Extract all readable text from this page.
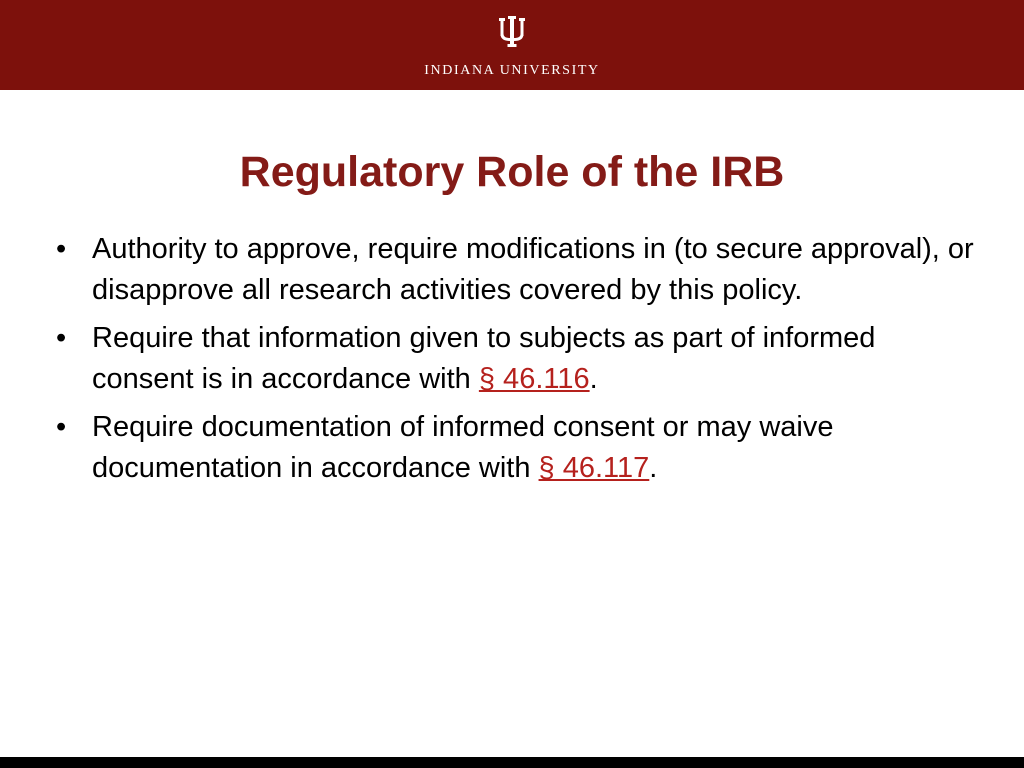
INDIANA UNIVERSITY
Regulatory Role of the IRB
• Authority to approve, require modifications in (to secure approval), or disapprove all research activities covered by this policy.
• Require that information given to subjects as part of informed consent is in accordance with § 46.116.
• Require documentation of informed consent or may waive documentation in accordance with § 46.117.
